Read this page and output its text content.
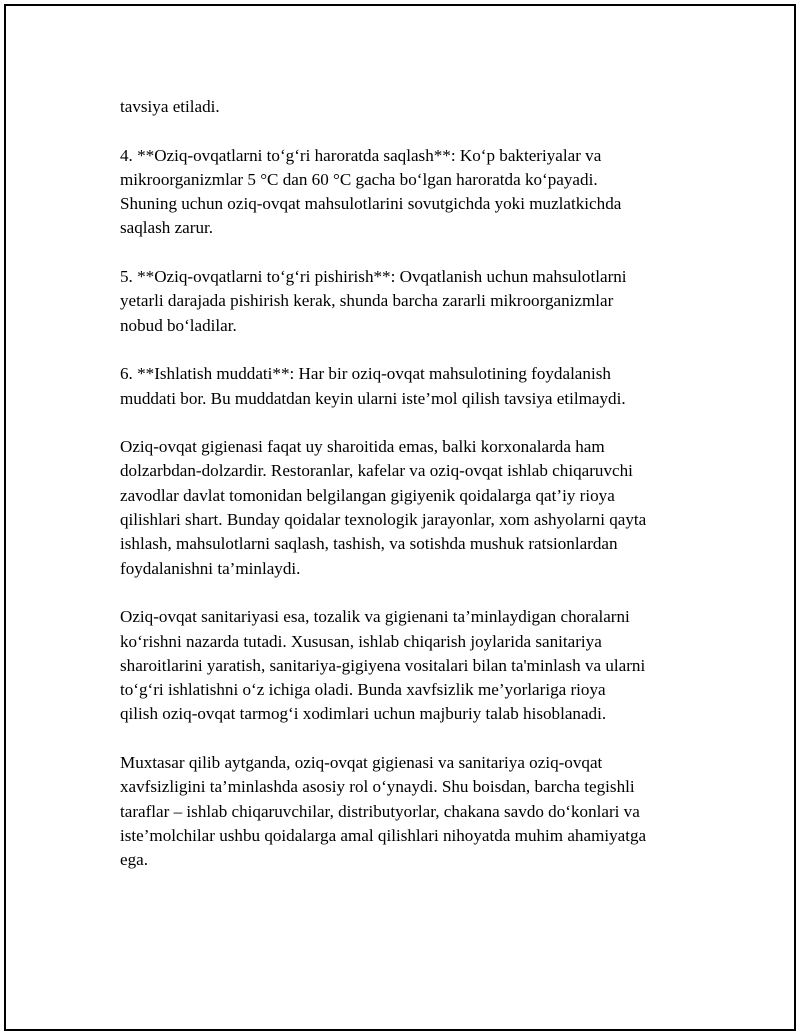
tavsiya etiladi.

4. **Oziq-ovqatlarni to‘g‘ri haroratda saqlash**: Ko‘p bakteriyalar va
mikroorganizmlar 5 °C dan 60 °C gacha bo‘lgan haroratda ko‘payadi.
Shuning uchun oziq-ovqat mahsulotlarini sovutgichda yoki muzlatkichda
saqlash zarur.

5. **Oziq-ovqatlarni to‘g‘ri pishirish**: Ovqatlanish uchun mahsulotlarni
yetarli darajada pishirish kerak, shunda barcha zararli mikroorganizmlar
nobud bo‘ladilar.

6. **Ishlatish muddati**: Har bir oziq-ovqat mahsulotining foydalanish
muddati bor. Bu muddatdan keyin ularni iste’mol qilish tavsiya etilmaydi.

Oziq-ovqat gigienasi faqat uy sharoitida emas, balki korxonalarda ham
dolzarbdan-dolzardir. Restoranlar, kafelar va oziq-ovqat ishlab chiqaruvchi
zavodlar davlat tomonidan belgilangan gigiyenik qoidalarga qat’iy rioya
qilishlari shart. Bunday qoidalar texnologik jarayonlar, xom ashyolarni qayta
ishlash, mahsulotlarni saqlash, tashish, va sotishda mushuk ratsionlardan
foydalanishni ta’minlaydi.

Oziq-ovqat sanitariyasi esa, tozalik va gigienani ta’minlaydigan choralarni
ko‘rishni nazarda tutadi. Xususan, ishlab chiqarish joylarida sanitariya
sharoitlarini yaratish, sanitariya-gigiyena vositalari bilan ta'minlash va ularni
to‘g‘ri ishlatishni o‘z ichiga oladi. Bunda xavfsizlik me’yorlariga rioya
qilish oziq-ovqat tarmog‘i xodimlari uchun majburiy talab hisoblanadi.

Muxtasar qilib aytganda, oziq-ovqat gigienasi va sanitariya oziq-ovqat
xavfsizligini ta’minlashda asosiy rol o‘ynaydi. Shu boisdan, barcha tegishli
taraflar – ishlab chiqaruvchilar, distributyorlar, chakana savdo do‘konlari va
iste’molchilar ushbu qoidalarga amal qilishlari nihoyatda muhim ahamiyatga
ega.
